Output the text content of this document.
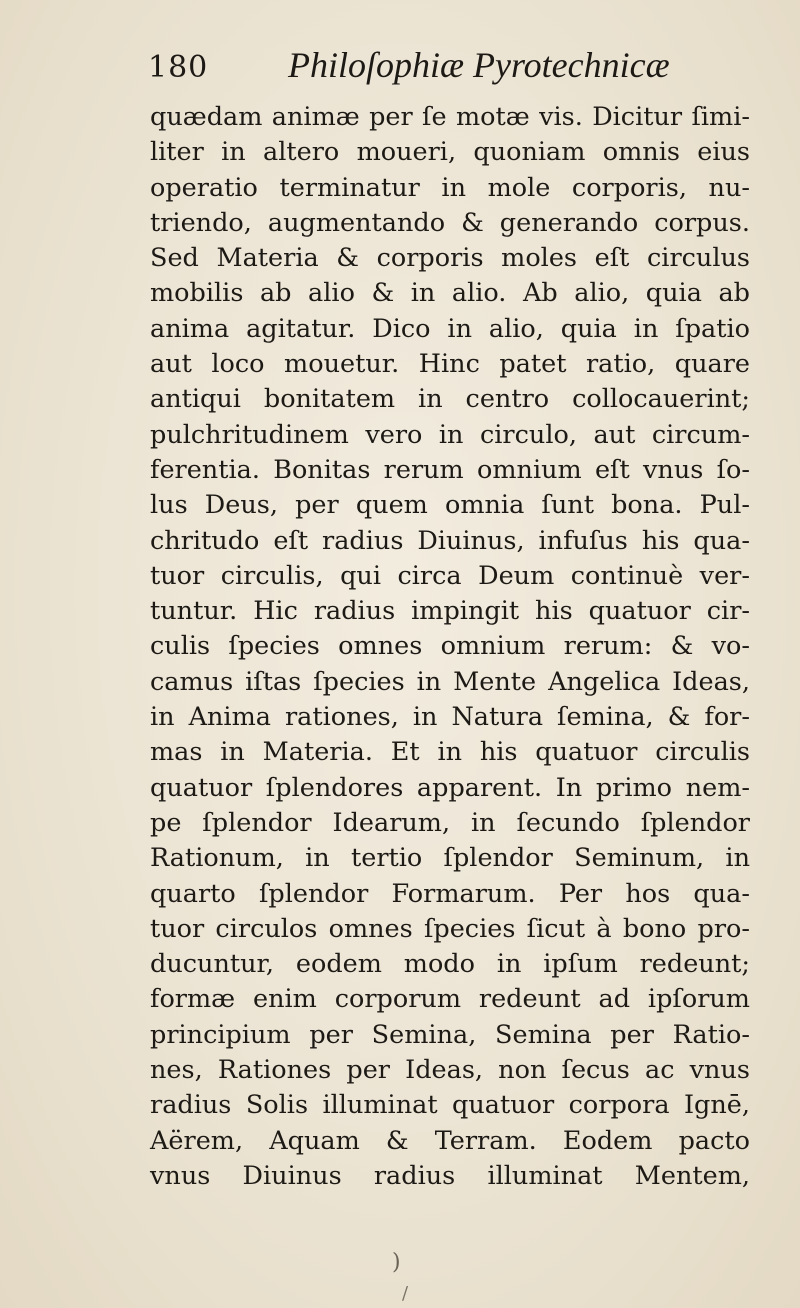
180 Philoſophiæ Pyrotechnicæ
quædam animæ per ſe motæ vis. Dicitur ſimi-
liter in altero moueri, quoniam omnis eius
operatio terminatur in mole corporis, nu-
triendo, augmentando & generando corpus.
Sed Materia & corporis moles eſt circulus
mobilis ab alio & in alio. Ab alio, quia ab
anima agitatur. Dico in alio, quia in ſpatio
aut loco mouetur. Hinc patet ratio, quare
antiqui bonitatem in centro collocauerint;
pulchritudinem vero in circulo, aut circum-
ferentia. Bonitas rerum omnium eſt vnus ſo-
lus Deus, per quem omnia ſunt bona. Pul-
chritudo eſt radius Diuinus, infuſus his qua-
tuor circulis, qui circa Deum continuè ver-
tuntur. Hic radius impingit his quatuor cir-
culis ſpecies omnes omnium rerum: & vo-
camus iſtas ſpecies in Mente Angelica Ideas,
in Anima rationes, in Natura ſemina, & for-
mas in Materia. Et in his quatuor circulis
quatuor ſplendores apparent. In primo nem-
pe ſplendor Idearum, in ſecundo ſplendor
Rationum, in tertio ſplendor Seminum, in
quarto ſplendor Formarum. Per hos qua-
tuor circulos omnes ſpecies ſicut à bono pro-
ducuntur, eodem modo in ipſum redeunt;
formæ enim corporum redeunt ad ipſorum
principium per Semina, Semina per Ratio-
nes, Rationes per Ideas, non ſecus ac vnus
radius Solis illuminat quatuor corpora Ignē,
Aërem, Aquam & Terram. Eodem pacto
vnus Diuinus radius illuminat Mentem,
)
/
